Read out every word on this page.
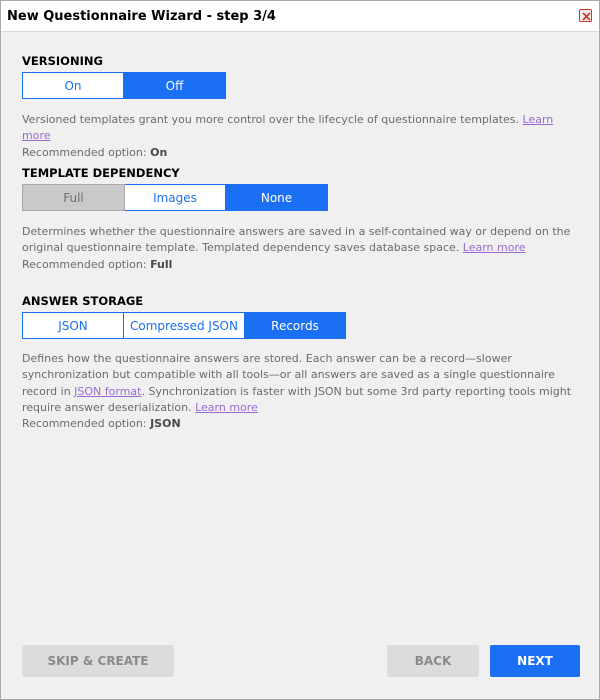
New Questionnaire Wizard - step 3/4
VERSIONING
On	Off
Versioned templates grant you more control over the lifecycle of questionnaire templates. Learn more
Recommended option: On
TEMPLATE DEPENDENCY
Full	Images	None
Determines whether the questionnaire answers are saved in a self-contained way or depend on the original questionnaire template. Templated dependency saves database space. Learn more
Recommended option: Full
ANSWER STORAGE
JSON	Compressed JSON	Records
Defines how the questionnaire answers are stored. Each answer can be a record—slower synchronization but compatible with all tools—or all answers are saved as a single questionnaire record in JSON format. Synchronization is faster with JSON but some 3rd party reporting tools might require answer deserialization. Learn more
Recommended option: JSON
SKIP & CREATE	BACK	NEXT
